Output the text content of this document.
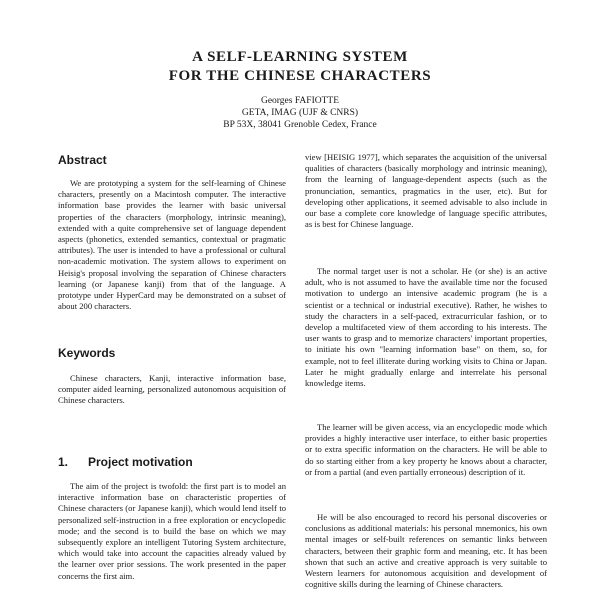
A SELF-LEARNING SYSTEM
FOR THE CHINESE CHARACTERS
Georges FAFIOTTE
GETA, IMAG (UJF & CNRS)
BP 53X, 38041 Grenoble Cedex, France
Abstract

We are prototyping a system for the self-learning of Chinese characters, presently on a Macintosh computer. The interactive information base provides the learner with basic universal properties of the characters (morphology, intrinsic meaning), extended with a quite comprehensive set of language dependent aspects (phonetics, extended semantics, contextual or pragmatic attributes). The user is intended to have a professional or cultural non-academic motivation. The system allows to experiment on Heisig's proposal involving the separation of Chinese characters learning (or Japanese kanji) from that of the language. A prototype under HyperCard may be demonstrated on a subset of about 200 characters.

Keywords

Chinese characters, Kanji, interactive information base, computer aided learning, personalized autonomous acquisition of Chinese characters.

1. Project motivation

The aim of the project is twofold: the first part is to model an interactive information base on characteristic properties of Chinese characters (or Japanese kanji), which would lend itself to personalized self-instruction in a free exploration or encyclopedic mode; and the second is to build the base on which we may subsequently explore an intelligent Tutoring System architecture, which would take into account the capacities already valued by the learner over prior sessions. The work presented in the paper concerns the first aim.

view [HEISIG 1977], which separates the acquisition of the universal qualities of characters (basically morphology and intrinsic meaning), from the learning of language-dependent aspects (such as the pronunciation, semantics, pragmatics in the user, etc). But for developing other applications, it seemed advisable to also include in our base a complete core knowledge of language specific attributes, as is best for Chinese language.

The normal target user is not a scholar. He (or she) is an active adult, who is not assumed to have the available time nor the focused motivation to undergo an intensive academic program (he is a scientist or a technical or industrial executive). Rather, he wishes to study the characters in a self-paced, extracurricular fashion, or to develop a multifaceted view of them according to his interests. The user wants to grasp and to memorize characters' important properties, to initiate his own "learning information base" on them, so, for example, not to feel illiterate during working visits to China or Japan. Later he might gradually enlarge and interrelate his personal knowledge items.

The learner will be given access, via an encyclopedic mode which provides a highly interactive user interface, to either basic properties or to extra specific information on the characters. He will be able to do so starting either from a key property he knows about a character, or from a partial (and even partially erroneous) description of it.

He will be also encouraged to record his personal discoveries or conclusions as additional materials: his personal mnemonics, his own mental images or self-built references on semantic links between characters, between their graphic form and meaning, etc. It has been shown that such an active and creative approach is very suitable to Western learners for autonomous acquisition and development of cognitive skills during the learning of Chinese characters.
